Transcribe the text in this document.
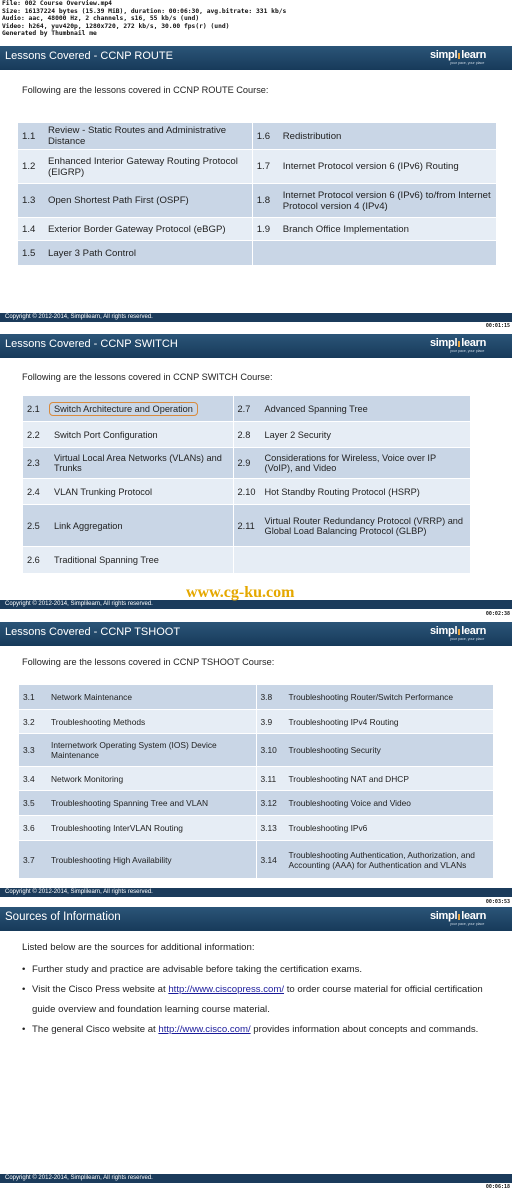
File: 002 Course Overview.mp4
Size: 16137224 bytes (15.39 MiB), duration: 00:06:30, avg.bitrate: 331 kb/s
Audio: aac, 48000 Hz, 2 channels, s16, 55 kb/s (und)
Video: h264, yuv420p, 1280x720, 272 kb/s, 30.00 fps(r) (und)
Generated by Thumbnail me
Lessons Covered - CCNP ROUTE	simpl learn
your pace, your place
Following are the lessons covered in CCNP ROUTE Course:
1.1 Review - Static Routes and Administrative Distance	1.6 Redistribution

1.2 Enhanced Interior Gateway Routing Protocol (EIGRP)	1.7 Internet Protocol version 6 (IPv6) Routing

1.3 Open Shortest Path First (OSPF)	1.8 Internet Protocol version 6 (IPv6) to/from Internet Protocol version 4 (IPv4)

1.4 Exterior Border Gateway Protocol (eBGP)	1.9 Branch Office Implementation

1.5 Layer 3 Path Control	

Copyright © 2012-2014, Simplilearn, All rights reserved.
00:01:15
Lessons Covered - CCNP SWITCH	simpl learn
your pace, your place
Following are the lessons covered in CCNP SWITCH Course:
2.1 Switch Architecture and Operation	2.7 Advanced Spanning Tree

2.2 Switch Port Configuration	2.8 Layer 2 Security

2.3 Virtual Local Area Networks (VLANs) and Trunks	2.9 Considerations for Wireless, Voice over IP (VoIP), and Video

2.4 VLAN Trunking Protocol	2.10 Hot Standby Routing Protocol (HSRP)

2.5 Link Aggregation	2.11 Virtual Router Redundancy Protocol (VRRP) and Global Load Balancing Protocol (GLBP)

2.6 Traditional Spanning Tree	

Copyright © 2012-2014, Simplilearn, All rights reserved.
00:02:38
www.cg-ku.com
Lessons Covered - CCNP TSHOOT	simpl learn
your pace, your place
Following are the lessons covered in CCNP TSHOOT Course:
3.1 Network Maintenance	3.8 Troubleshooting Router/Switch Performance

3.2 Troubleshooting Methods	3.9 Troubleshooting IPv4 Routing

3.3 Internetwork Operating System (IOS) Device Maintenance	3.10 Troubleshooting Security

3.4 Network Monitoring	3.11 Troubleshooting NAT and DHCP

3.5 Troubleshooting Spanning Tree and VLAN	3.12 Troubleshooting Voice and Video

3.6 Troubleshooting InterVLAN Routing	3.13 Troubleshooting IPv6

3.7 Troubleshooting High Availability	3.14 Troubleshooting Authentication, Authorization, and Accounting (AAA) for Authentication and VLANs
Copyright © 2012-2014, Simplilearn, All rights reserved.
00:03:53
Sources of Information	simpl learn
your pace, your place
Listed below are the sources for additional information:
• Further study and practice are advisable before taking the certification exams.
• Visit the Cisco Press website at http://www.ciscopress.com/ to order course material for official certification guide overview and foundation learning course material.
• The general Cisco website at http://www.cisco.com/ provides information about concepts and commands.
Copyright © 2012-2014, Simplilearn, All rights reserved.
00:06:18
